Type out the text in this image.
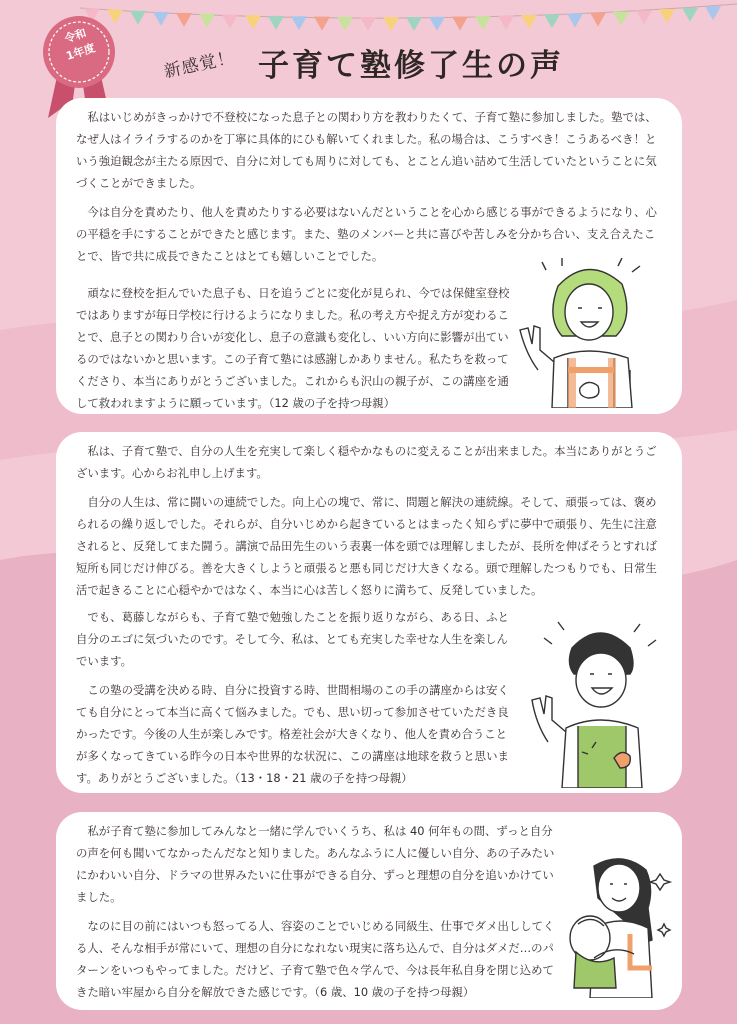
令和
1年度	新感覚！ 子育て塾修了生の声

私はいじめがきっかけで不登校になった息子との関わり方を教わりたくて、子育て塾に参加しました。塾では、なぜ人はイライラするのかを丁寧に具体的にひも解いてくれました。私の場合は、こうすべき！こうあるべき！という強迫観念が主たる原因で、自分に対しても周りに対しても、とことん追い詰めて生活していたということに気づくことができました。

今は自分を責めたり、他人を責めたりする必要はないんだということを心から感じる事ができるようになり、心の平穏を手にすることができたと感じます。また、塾のメンバーと共に喜びや苦しみを分かち合い、支え合えたことで、皆で共に成長できたことはとても嬉しいことでした。

頑なに登校を拒んでいた息子も、日を追うごとに変化が見られ、今では保健室登校ではありますが毎日学校に行けるようになりました。私の考え方や捉え方が変わることで、息子との関わり合いが変化し、息子の意識も変化し、いい方向に影響が出ているのではないかと思います。この子育て塾には感謝しかありません。私たちを救ってくださり、本当にありがとうございました。これからも沢山の親子が、この講座を通して救われますように願っています。（12 歳の子を持つ母親）

私は、子育て塾で、自分の人生を充実して楽しく穏やかなものに変えることが出来ました。本当にありがとうございます。心からお礼申し上げます。

自分の人生は、常に闘いの連続でした。向上心の塊で、常に、問題と解決の連続線。そして、頑張っては、褒められるの繰り返しでした。それらが、自分いじめから起きているとはまったく知らずに夢中で頑張り、先生に注意されると、反発してまた闘う。講演で品田先生のいう表裏一体を頭では理解しましたが、長所を伸ばそうとすれば短所も同じだけ伸びる。善を大きくしようと頑張ると悪も同じだけ大きくなる。頭で理解したつもりでも、日常生活で起きることに心穏やかではなく、本当に心は苦しく怒りに満ちて、反発していました。

でも、葛藤しながらも、子育て塾で勉強したことを振り返りながら、ある日、ふと自分のエゴに気づいたのです。そして今、私は、とても充実した幸せな人生を楽しんでいます。

この塾の受講を決める時、自分に投資する時、世間相場のこの手の講座からは安くても自分にとって本当に高くて悩みました。でも、思い切って参加させていただき良かったです。今後の人生が楽しみです。格差社会が大きくなり、他人を責め合うことが多くなってきている昨今の日本や世界的な状況に、この講座は地球を救うと思います。ありがとうございました。（13・18・21 歳の子を持つ母親）

私が子育て塾に参加してみんなと一緒に学んでいくうち、私は 40 何年もの間、ずっと自分の声を何も聞いてなかったんだなと知りました。あんなふうに人に優しい自分、あの子みたいにかわいい自分、ドラマの世界みたいに仕事ができる自分、ずっと理想の自分を追いかけていました。

なのに目の前にはいつも怒ってる人、容姿のことでいじめる同級生、仕事でダメ出ししてくる人、そんな相手が常にいて、理想の自分になれない現実に落ち込んで、自分はダメだ…のパターンをいつもやってました。だけど、子育て塾で色々学んで、今は長年私自身を閉じ込めてきた暗い牢屋から自分を解放できた感じです。（6 歳、10 歳の子を持つ母親）
